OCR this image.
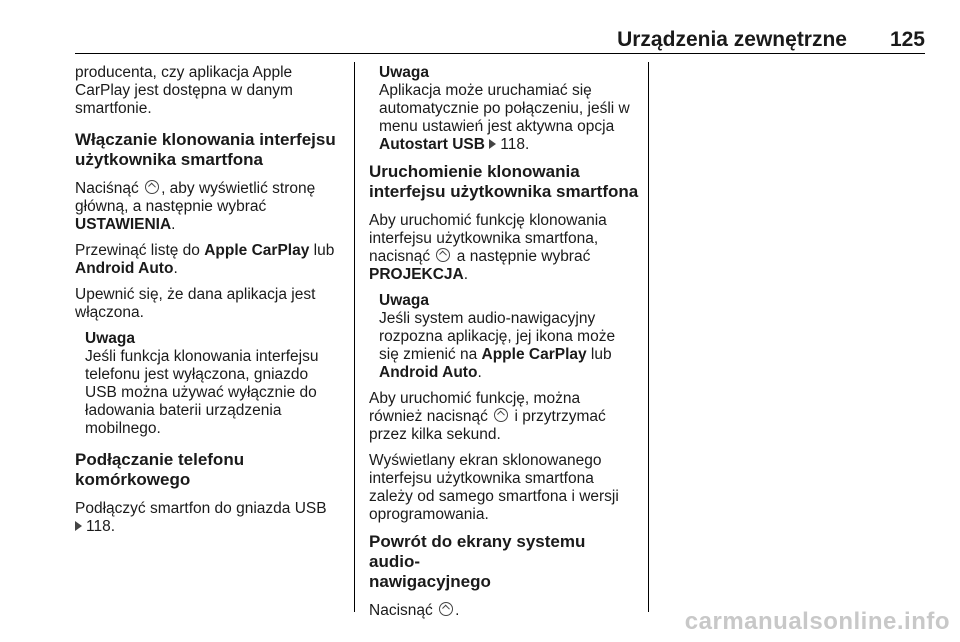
Urządzenia zewnętrzne 125
producenta, czy aplikacja Apple
CarPlay jest dostępna w danym
smartfonie.
Włączanie klonowania interfejsu
użytkownika smartfona
Naciśnąć , aby wyświetlić stronę
główną, a następnie wybrać
USTAWIENIA.
Przewinąć listę do Apple CarPlay lub
Android Auto.
Upewnić się, że dana aplikacja jest
włączona.
Uwaga
Jeśli funkcja klonowania interfejsu
telefonu jest wyłączona, gniazdo
USB można używać wyłącznie do
ładowania baterii urządzenia
mobilnego.
Podłączanie telefonu
komórkowego
Podłączyć smartfon do gniazda USB
118.
Uwaga
Aplikacja może uruchamiać się
automatycznie po połączeniu, jeśli w
menu ustawień jest aktywna opcja
Autostart USB 118.
Uruchomienie klonowania
interfejsu użytkownika smartfona
Aby uruchomić funkcję klonowania
interfejsu użytkownika smartfona,
nacisnąć  a następnie wybrać
PROJEKCJA.
Uwaga
Jeśli system audio-nawigacyjny
rozpozna aplikację, jej ikona może
się zmienić na Apple CarPlay lub
Android Auto.
Aby uruchomić funkcję, można
również nacisnąć  i przytrzymać
przez kilka sekund.
Wyświetlany ekran sklonowanego
interfejsu użytkownika smartfona
zależy od samego smartfona i wersji
oprogramowania.
Powrót do ekrany systemu audio-
nawigacyjnego
Nacisnąć .	carmanualsonline.info
